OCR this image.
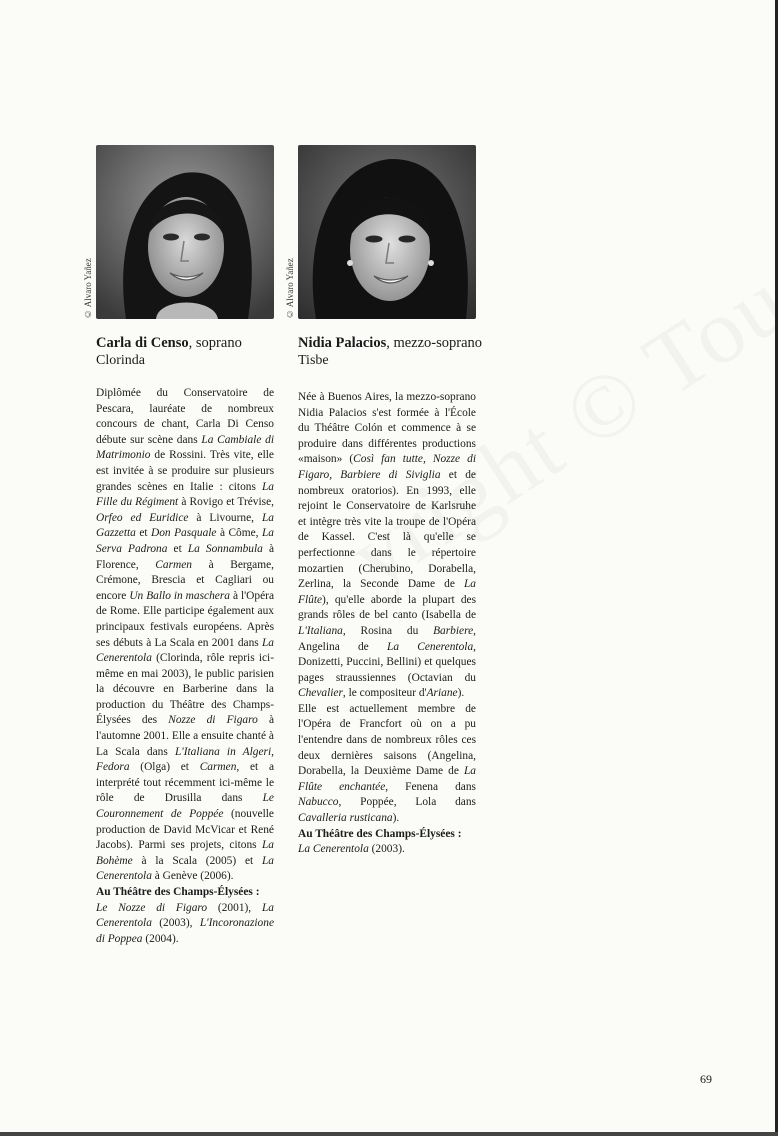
© Alvaro Yañez
Carla di Censo, soprano
Clorinda

Diplômée du Conservatoire de Pescara, lauréate de nombreux concours de chant, Carla Di Censo débute sur scène dans La Cambiale di Matrimonio de Rossini. Très vite, elle est invitée à se produire sur plusieurs grandes scènes en Italie : citons La Fille du Régiment à Rovigo et Trévise, Orfeo ed Euridice à Livourne, La Gazzetta et Don Pasquale à Côme, La Serva Padrona et La Sonnambula à Florence, Carmen à Bergame, Crémone, Brescia et Cagliari ou encore Un Ballo in maschera à l'Opéra de Rome. Elle participe également aux principaux festivals européens. Après ses débuts à La Scala en 2001 dans La Cenerentola (Clorinda, rôle repris ici-même en mai 2003), le public parisien la découvre en Barberine dans la production du Théâtre des Champs-Élysées des Nozze di Figaro à l'automne 2001. Elle a ensuite chanté à La Scala dans L'Italiana in Algeri, Fedora (Olga) et Carmen, et a interprété tout récemment ici-même le rôle de Drusilla dans Le Couronnement de Poppée (nouvelle production de David McVicar et René Jacobs). Parmi ses projets, citons La Bohème à la Scala (2005) et La Cenerentola à Genève (2006).

Au Théâtre des Champs-Élysées :

Le Nozze di Figaro (2001), La Cenerentola (2003), L'Incoronazione di Poppea (2004).

© Alvaro Yañez
Nidia Palacios, mezzo-soprano
Tisbe

Née à Buenos Aires, la mezzo-soprano Nidia Palacios s'est formée à l'École du Théâtre Colón et commence à se produire dans différentes productions «maison» (Così fan tutte, Nozze di Figaro, Barbiere di Siviglia et de nombreux oratorios). En 1993, elle rejoint le Conservatoire de Karlsruhe et intègre très vite la troupe de l'Opéra de Kassel. C'est là qu'elle se perfectionne dans le répertoire mozartien (Cherubino, Dorabella, Zerlina, la Seconde Dame de La Flûte), qu'elle aborde la plupart des grands rôles de bel canto (Isabella de L'Italiana, Rosina du Barbiere, Angelina de La Cenerentola, Donizetti, Puccini, Bellini) et quelques pages straussiennes (Octavian du Chevalier, le compositeur d'Ariane).

Elle est actuellement membre de l'Opéra de Francfort où on a pu l'entendre dans de nombreux rôles ces deux dernières saisons (Angelina, Dorabella, la Deuxième Dame de La Flûte enchantée, Fenena dans Nabucco, Poppée, Lola dans Cavalleria rusticana).

Au Théâtre des Champs-Élysées :

La Cenerentola (2003).

69
